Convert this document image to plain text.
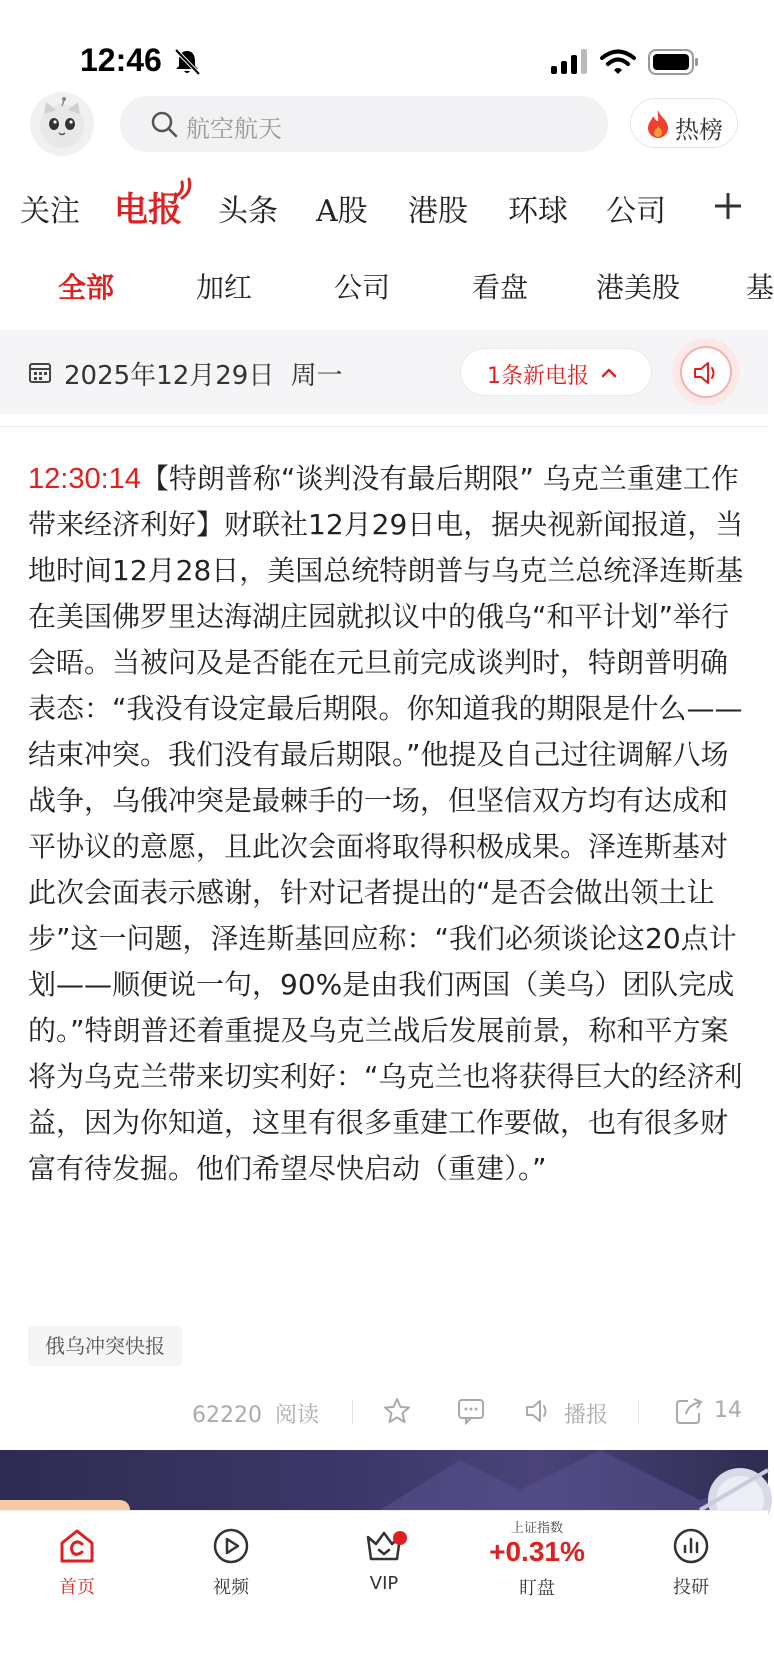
12:46
航空航天	热榜
关注 电报 头条 A股 港股 环球 公司
全部	加红	公司	看盘 港美股 基
2025年12月29日 周一	1条新电报
12:30:14【特朗普称“谈判没有最后期限” 乌克兰重建工作带来经济利好】财联社12月29日电，据央视新闻报道，当地时间12月28日，美国总统特朗普与乌克兰总统泽连斯基在美国佛罗里达海湖庄园就拟议中的俄乌“和平计划”举行会晤。当被问及是否能在元旦前完成谈判时，特朗普明确表态：“我没有设定最后期限。你知道我的期限是什么——结束冲突。我们没有最后期限。”他提及自己过往调解八场战争，乌俄冲突是最棘手的一场，但坚信双方均有达成和平协议的意愿，且此次会面将取得积极成果。泽连斯基对此次会面表示感谢，针对记者提出的“是否会做出领土让步”这一问题，泽连斯基回应称：“我们必须谈论这20点计划——顺便说一句，90%是由我们两国（美乌）团队完成的。”特朗普还着重提及乌克兰战后发展前景，称和平方案将为乌克兰带来切实利好：“乌克兰也将获得巨大的经济利益，因为你知道，这里有很多重建工作要做，也有很多财富有待发掘。他们希望尽快启动（重建）。”
俄乌冲突快报
62220 阅读	播报	14
首页	视频	VIP
上证指数
+0.31%
盯盘	投研
